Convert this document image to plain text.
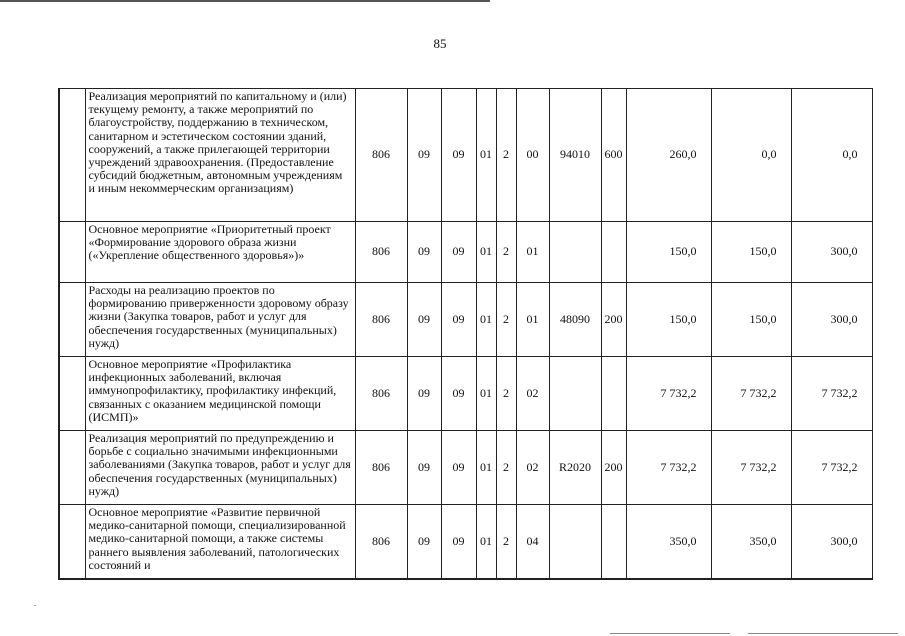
85
	Реализация мероприятий по капитальному и (или) текущему ремонту, а также мероприятий по благоустройству, поддержанию в техническом, санитарном и эстетическом состоянии зданий, сооружений, а также прилегающей территории учреждений здравоохранения. (Предоставление субсидий бюджетным, автономным учреждениям и иным некоммерческим организациям)	806	09	09	01	2	00	94010	600	260,0	0,0	0,0
	Основное мероприятие «Приоритетный проект «Формирование здорового образа жизни («Укрепление общественного здоровья»)»	806	09	09	01	2	01			150,0	150,0	300,0
	Расходы на реализацию проектов по формированию приверженности здоровому образу жизни (Закупка товаров, работ и услуг для обеспечения государственных (муниципальных) нужд)	806	09	09	01	2	01	48090	200	150,0	150,0	300,0
	Основное мероприятие «Профилактика инфекционных заболеваний, включая иммунопрофилактику, профилактику инфекций, связанных с оказанием медицинской помощи (ИСМП)»	806	09	09	01	2	02			7 732,2	7 732,2	7 732,2
	Реализация мероприятий по предупреждению и борьбе с социально значимыми инфекционными заболеваниями (Закупка товаров, работ и услуг для обеспечения государственных (муниципальных) нужд)	806	09	09	01	2	02	R2020	200	7 732,2	7 732,2	7 732,2
	Основное мероприятие «Развитие первичной медико-санитарной помощи, специализированной медико-санитарной помощи, а также системы раннего выявления заболеваний, патологических состояний и	806	09	09	01	2	04			350,0	350,0	300,0
